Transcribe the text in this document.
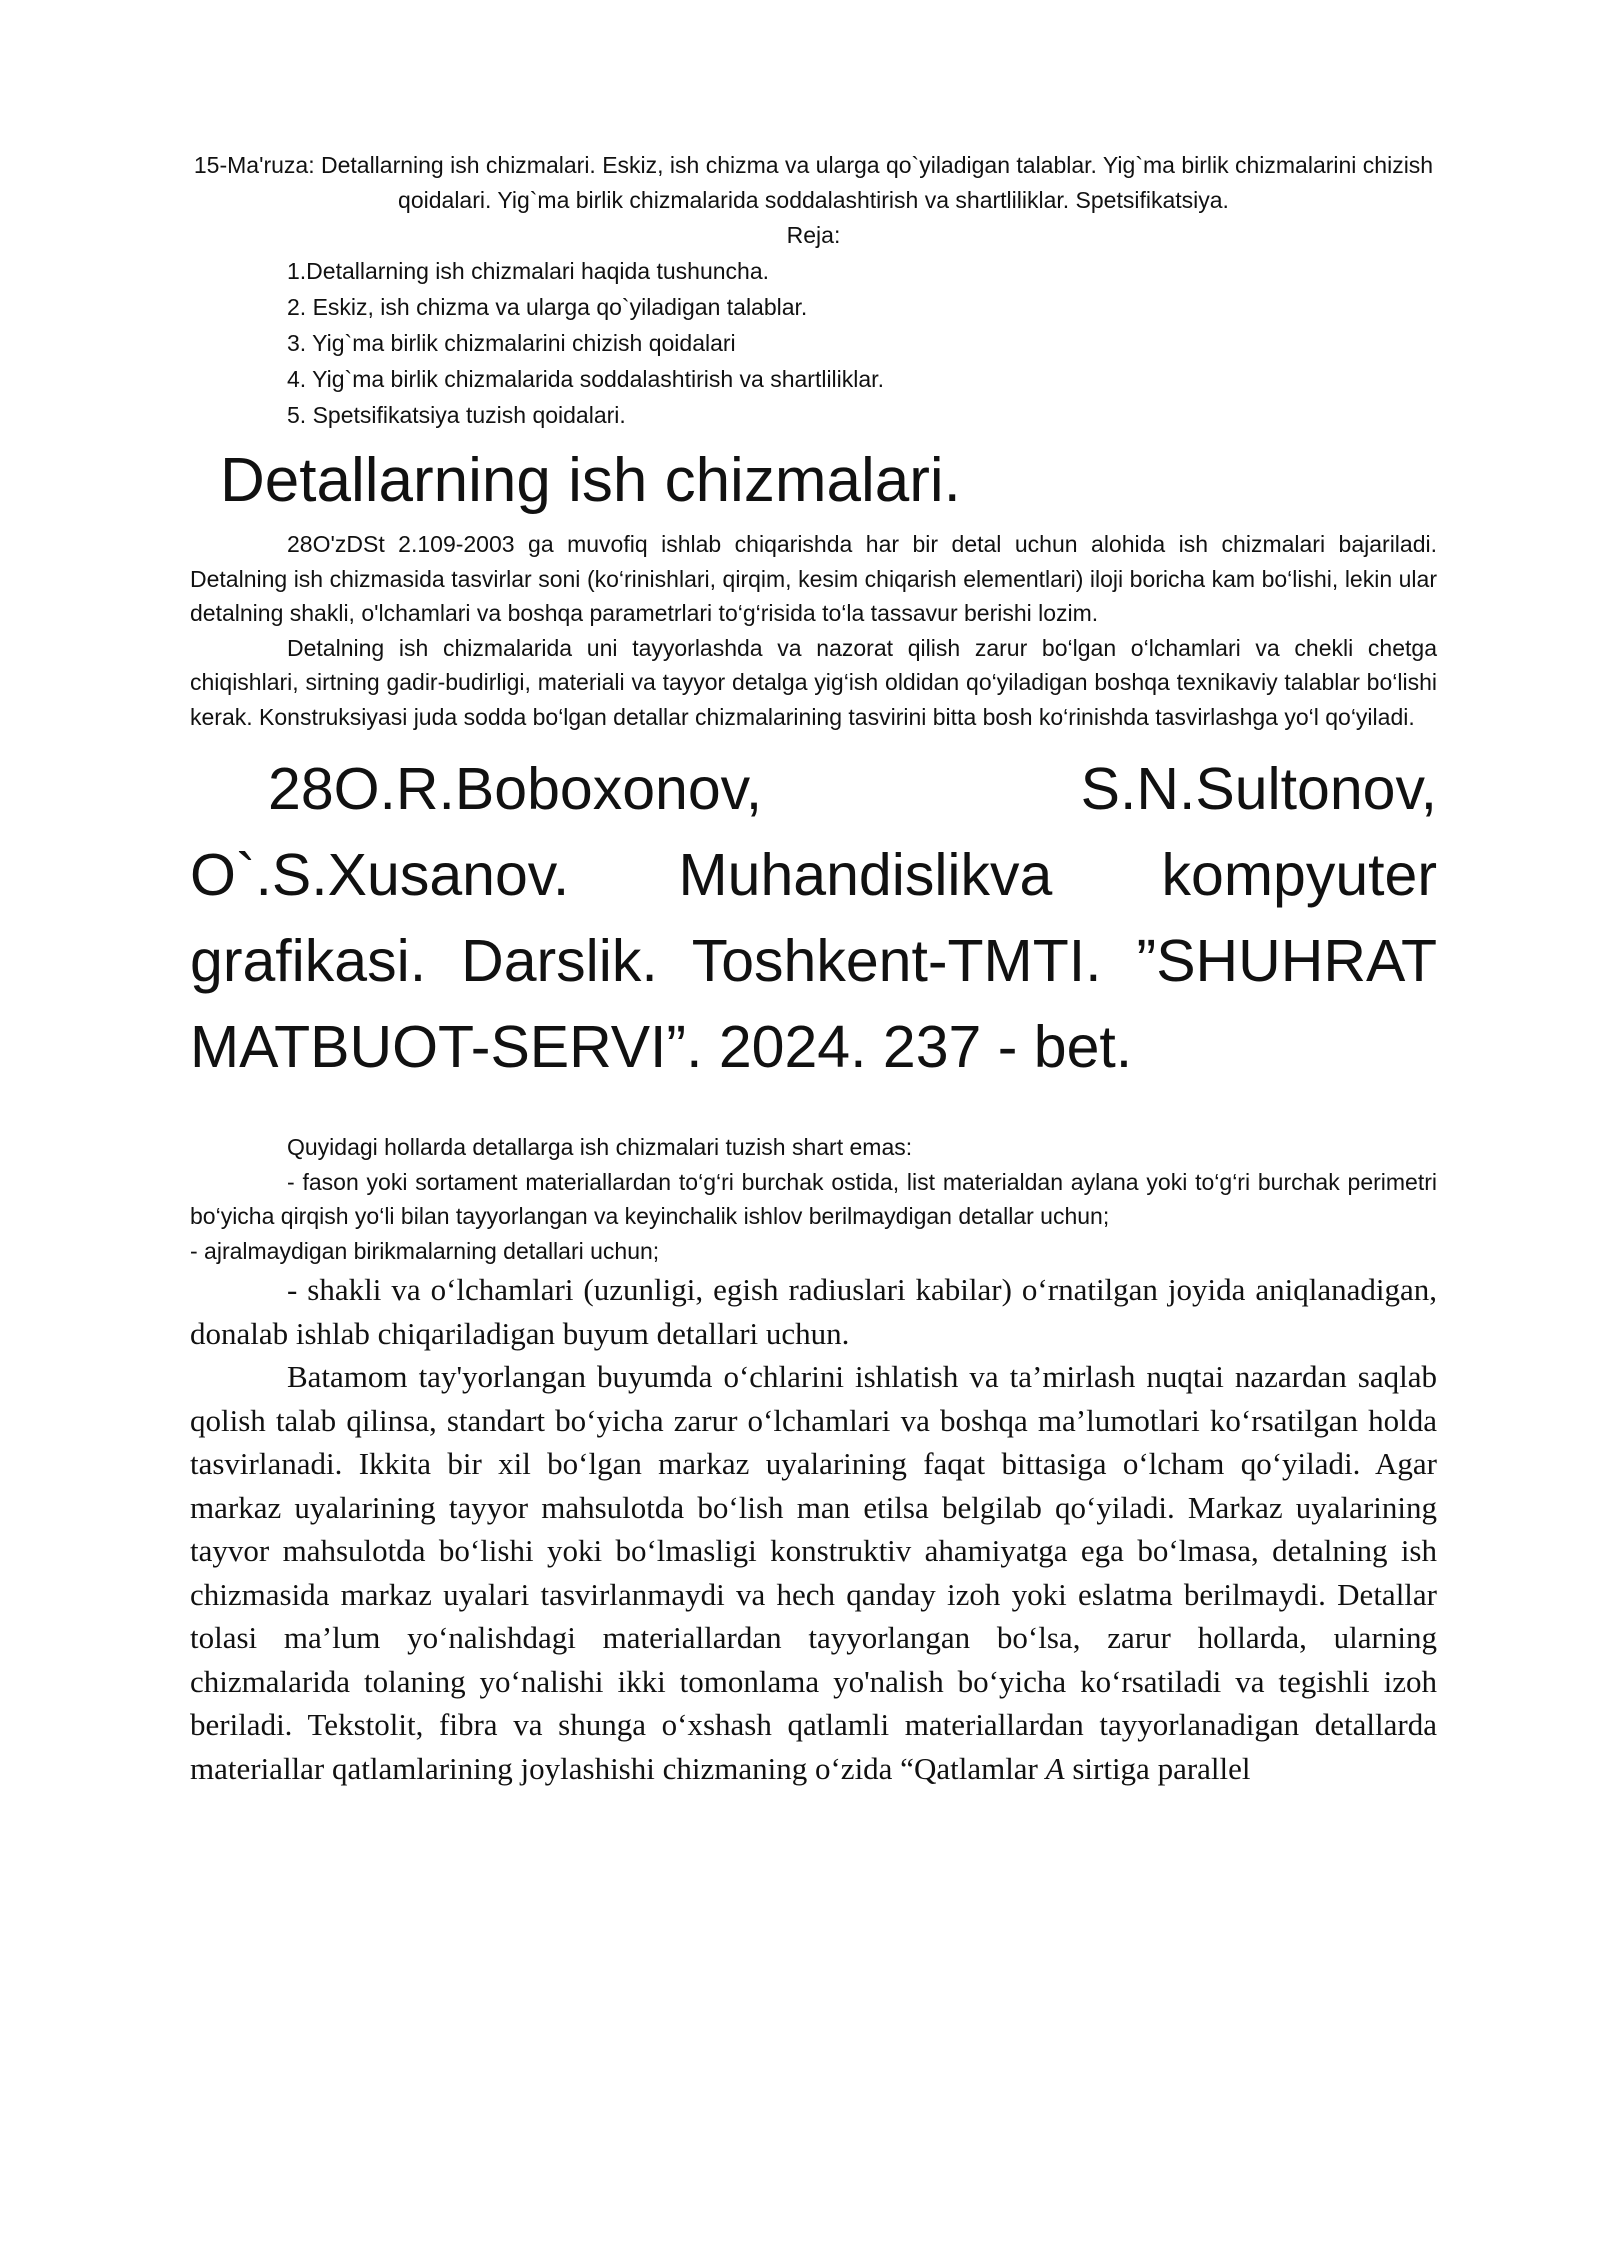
15-Ma'ruza: Detallarning ish chizmalari. Eskiz, ish chizma va ularga qo`yiladigan talablar. Yig`ma birlik chizmalarini chizish qoidalari. Yig`ma birlik chizmalarida soddalashtirish va shartliliklar. Spetsifikatsiya.
Reja:
1.Detallarning ish chizmalari haqida tushuncha.
2. Eskiz, ish chizma va ularga qo`yiladigan talablar.
3. Yig`ma birlik chizmalarini chizish qoidalari
4. Yig`ma birlik chizmalarida soddalashtirish va shartliliklar.
5. Spetsifikatsiya tuzish qoidalari.
Detallarning ish chizmalari.

28O'zDSt 2.109-2003 ga muvofiq ishlab chiqarishda har bir detal uchun alohida ish chizmalari bajariladi. Detalning ish chizmasida tasvirlar soni (ko‘rinishlari, qirqim, kesim chiqarish elementlari) iloji boricha kam bo‘lishi, lekin ular detalning shakli, o'lchamlari va boshqa parametrlari to‘g‘risida to‘la tassavur berishi lozim.

Detalning ish chizmalarida uni tayyorlashda va nazorat qilish zarur bo‘lgan o‘lchamlari va chekli chetga chiqishlari, sirtning gadir-budirligi, materiali va tayyor detalga yig‘ish oldidan qo‘yiladigan boshqa texnikaviy talablar bo‘lishi kerak. Konstruksiyasi juda sodda bo‘lgan detallar chizmalarining tasvirini bitta bosh ko‘rinishda tasvirlashga yo‘l qo‘yiladi.

28O.R.Boboxonov, S.N.Sultonov, O`.S.Xusanov. Muhandislikva kompyuter grafikasi. Darslik. Toshkent-TMTI. ”SHUHRAT MATBUOT-SERVI”. 2024. 237 - bet.

Quyidagi hollarda detallarga ish chizmalari tuzish shart emas:

- fason yoki sortament materiallardan to‘g‘ri burchak ostida, list materialdan aylana yoki to‘g‘ri burchak perimetri bo‘yicha qirqish yo‘li bilan tayyorlangan va keyinchalik ishlov berilmaydigan detallar uchun;

- ajralmaydigan birikmalarning detallari uchun;

- shakli va o‘lchamlari (uzunligi, egish radiuslari kabilar) o‘rnatilgan joyida aniqlanadigan, donalab ishlab chiqariladigan buyum detallari uchun.

Batamom tay'yorlangan buyumda o‘chlarini ishlatish va ta’mirlash nuqtai nazardan saqlab qolish talab qilinsa, standart bo‘yicha zarur o‘lchamlari va boshqa ma’lumotlari ko‘rsatilgan holda tasvirlanadi. Ikkita bir xil bo‘lgan markaz uyalarining faqat bittasiga o‘lcham qo‘yiladi. Agar markaz uyalarining tayyor mahsulotda bo‘lish man etilsa belgilab qo‘yiladi. Markaz uyalarining tayvor mahsulotda bo‘lishi yoki bo‘lmasligi konstruktiv ahamiyatga ega bo‘lmasa, detalning ish chizmasida markaz uyalari tasvirlanmaydi va hech qanday izoh yoki eslatma berilmaydi. Detallar tolasi ma’lum yo‘nalishdagi materiallardan tayyorlangan bo‘lsa, zarur hollarda, ularning chizmalarida tolaning yo‘nalishi ikki tomonlama yo'nalish bo‘yicha ko‘rsatiladi va tegishli izoh beriladi. Tekstolit, fibra va shunga o‘xshash qatlamli materiallardan tayyorlanadigan detallarda materiallar qatlamlarining joylashishi chizmaning o‘zida “Qatlamlar A sirtiga parallel
